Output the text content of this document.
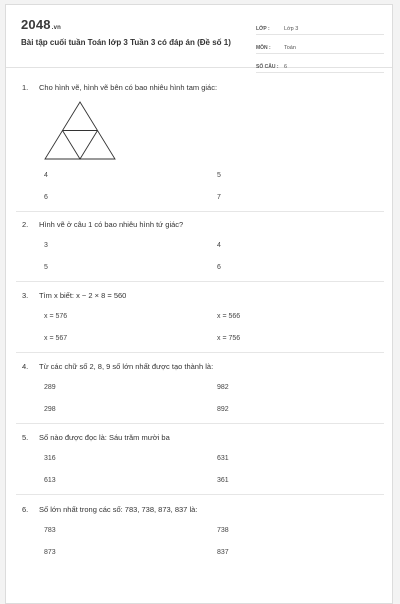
2048.vn
Bài tập cuối tuần Toán lớp 3 Tuần 3 có đáp án (Đề số 1)
LỚP :	Lớp 3
MÔN :	Toán
SỐ CÂU :	6
1. Cho hình vẽ, hình vẽ bên có bao nhiêu hình tam giác:
4	5
6	7
2. Hình vẽ ở câu 1 có bao nhiêu hình tứ giác?
3	4
5	6
3. Tìm x biết: x − 2 × 8 = 560
x = 576	x = 566
x = 567	x = 756
4. Từ các chữ số 2, 8, 9 số lớn nhất được tạo thành là:
289	982
298	892
5. Số nào được đọc là: Sáu trăm mười ba
316	631
613	361
6. Số lớn nhất trong các số: 783, 738, 873, 837 là:
783	738
873	837
